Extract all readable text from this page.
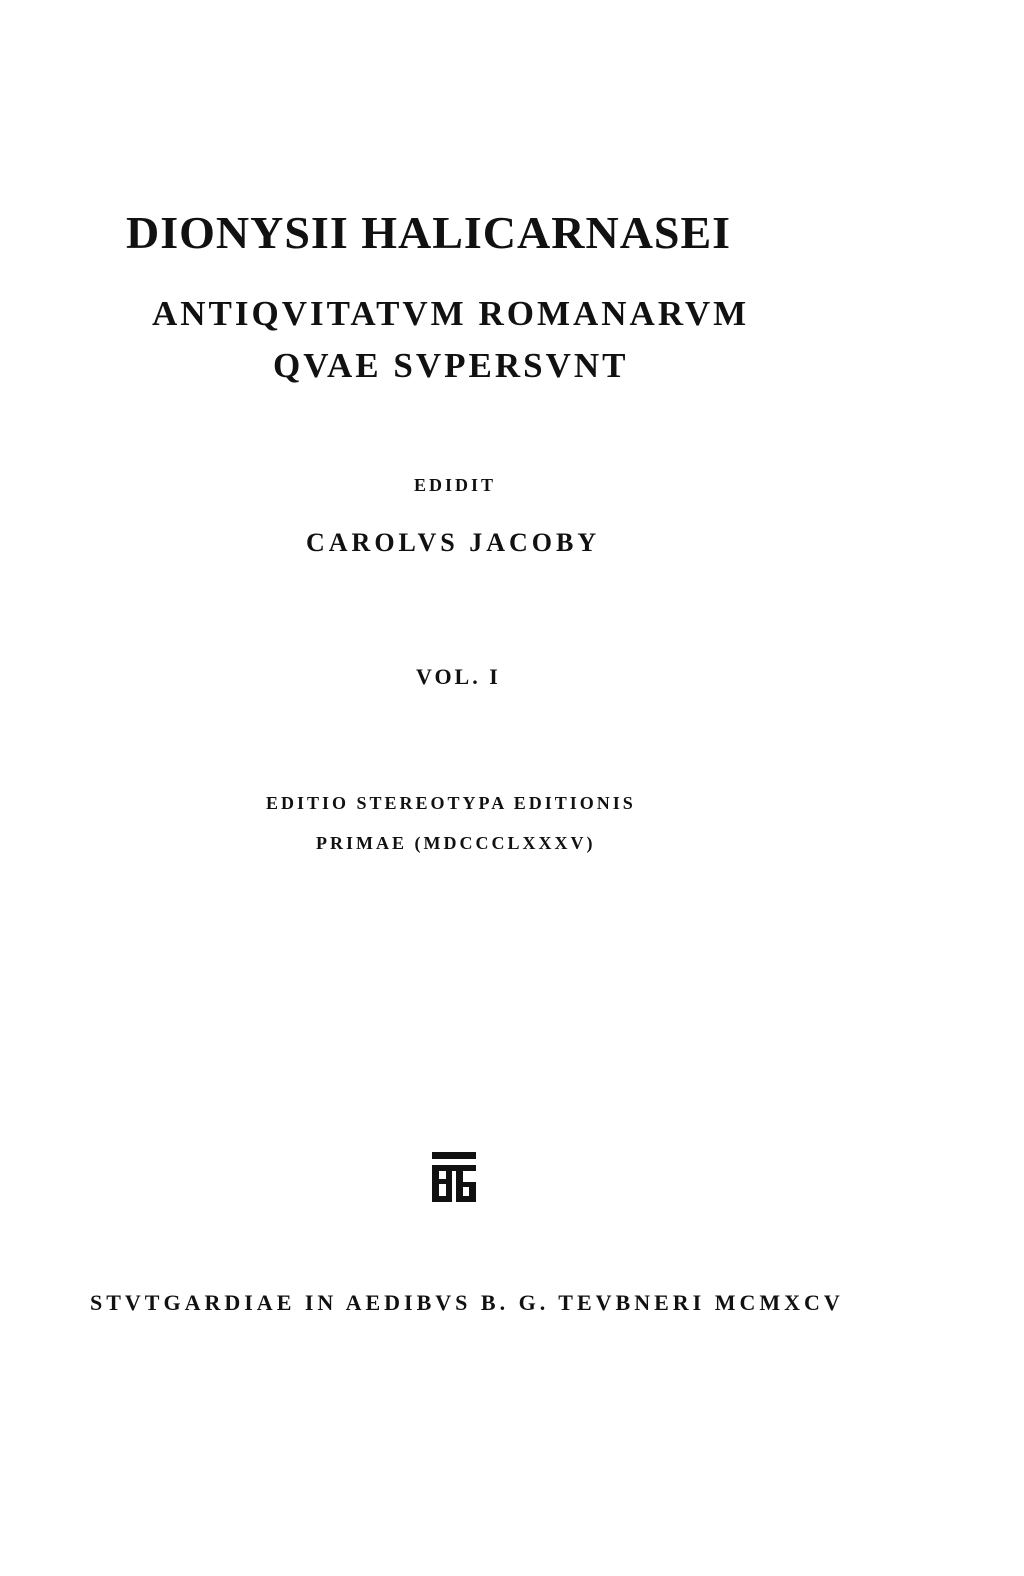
DIONYSII HALICARNASEI
ANTIQVITATVM ROMANARVM
QVAE SVPERSVNT
EDIDIT
CAROLVS JACOBY
VOL. I
EDITIO STEREOTYPA EDITIONIS
PRIMAE (MDCCCLXXXV)
STVTGARDIAE IN AEDIBVS B. G. TEVBNERI MCMXCV
